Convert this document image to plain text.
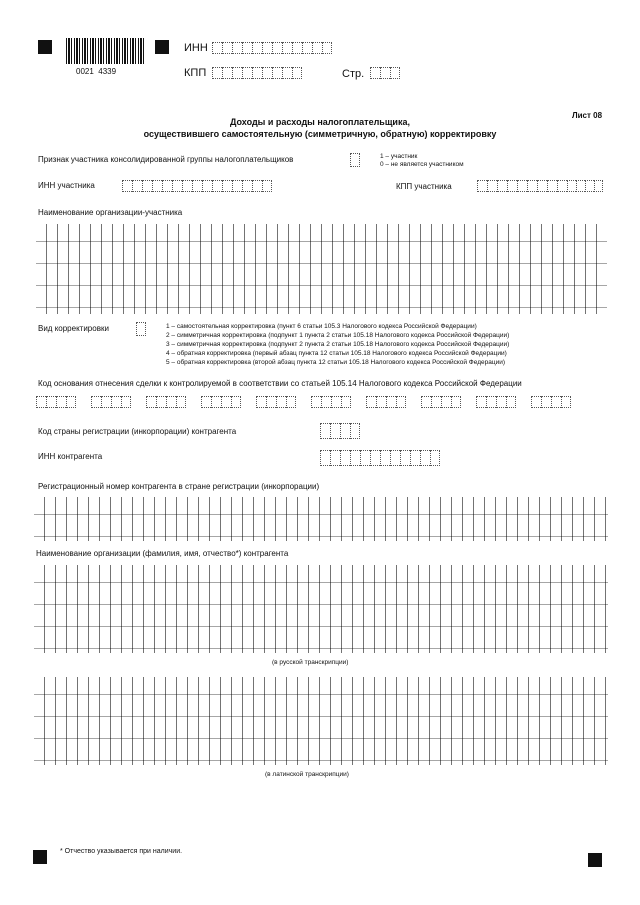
0021  4339
ИНН
КПП	Стр.
Лист 08
Доходы и расходы налогоплательщика,
осуществившего самостоятельную (симметричную, обратную) корректировку
Признак участника консолидированной группы налогоплательщиков	1 – участник
0 – не является участником
ИНН участника	КПП участника
Наименование организации-участника
Вид корректировки	1 – самостоятельная корректировка (пункт 6 статьи 105.3 Налогового кодекса Российской Федерации)
2 – симметричная корректировка (подпункт 1 пункта 2 статьи 105.18 Налогового кодекса Российской Федерации)
3 – симметричная корректировка (подпункт 2 пункта 2 статьи 105.18 Налогового кодекса Российской Федерации)
4 – обратная корректировка (первый абзац пункта 12 статьи 105.18 Налогового кодекса Российской Федерации)
5 – обратная корректировка (второй абзац пункта 12 статьи 105.18 Налогового кодекса Российской Федерации)
Код основания отнесения сделки к контролируемой в соответствии со статьей 105.14 Налогового кодекса Российской Федерации
Код страны регистрации (инкорпорации) контрагента
ИНН контрагента
Регистрационный номер контрагента в стране регистрации (инкорпорации)
Наименование организации (фамилия, имя, отчество*) контрагента
(в русской транскрипции)
(в латинской транскрипции)
* Отчество указывается при наличии.
